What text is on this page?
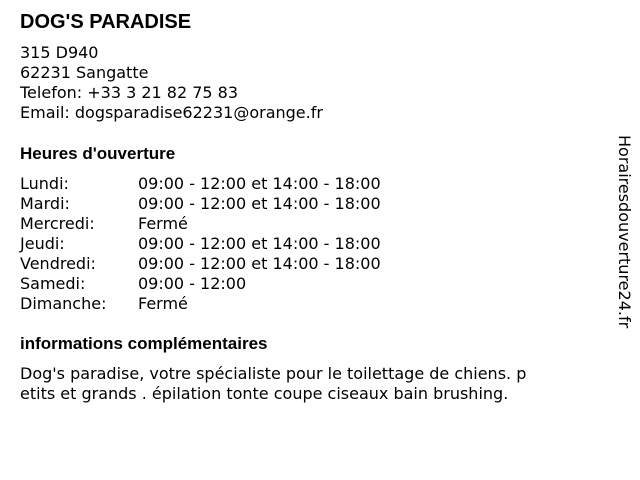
DOG'S PARADISE
315 D940
62231 Sangatte
Telefon: +33 3 21 82 75 83
Email: dogsparadise62231@orange.fr
Heures d'ouverture
Lundi:	09:00 - 12:00 et 14:00 - 18:00
Mardi:	09:00 - 12:00 et 14:00 - 18:00
Mercredi:	Fermé
Jeudi:	09:00 - 12:00 et 14:00 - 18:00
Vendredi:	09:00 - 12:00 et 14:00 - 18:00
Samedi:	09:00 - 12:00
Dimanche: Fermé
informations complémentaires
Dog's paradise, votre spécialiste pour le toilettage de chiens. p
etits et grands . épilation tonte coupe ciseaux bain brushing.
Horairesdouverture24.fr
